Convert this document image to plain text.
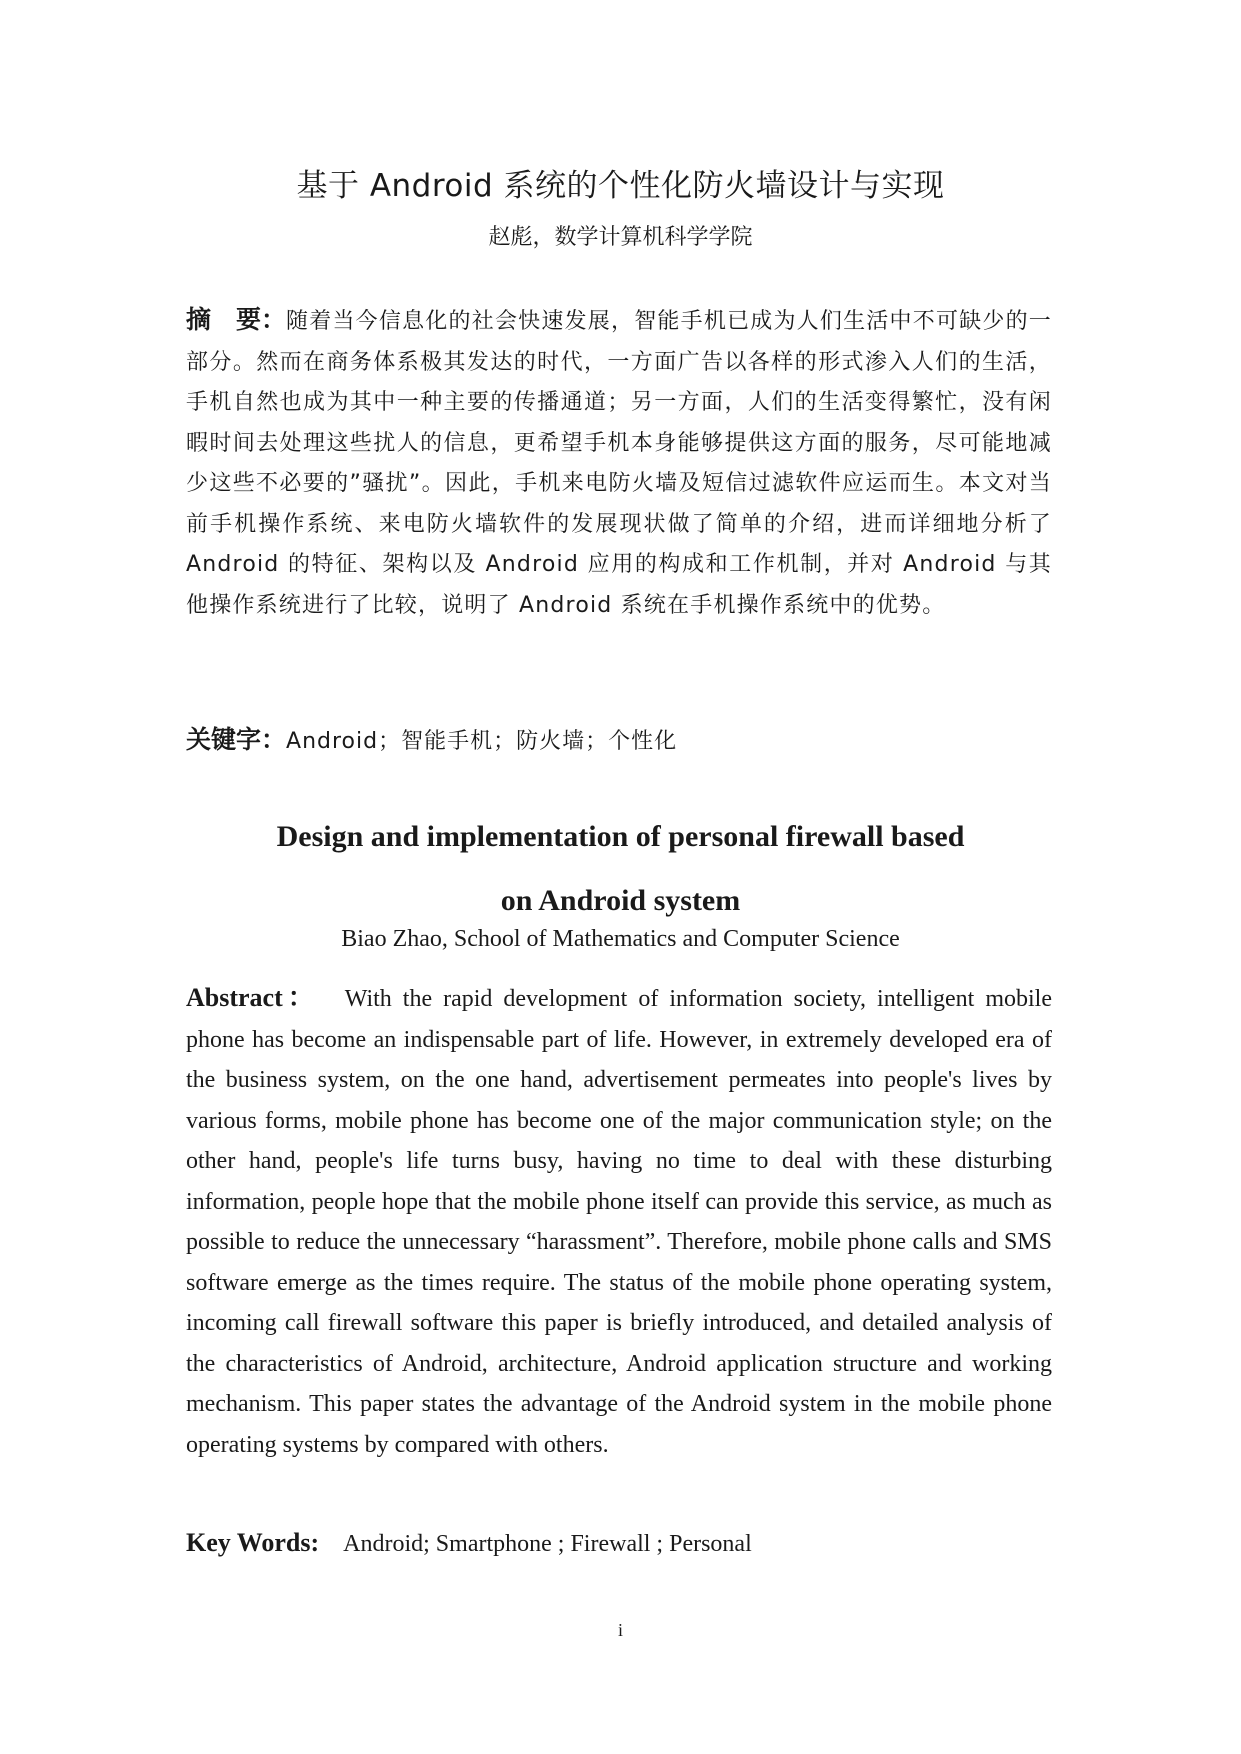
基于 Android 系统的个性化防火墙设计与实现
赵彪，数学计算机科学学院

摘　要：随着当今信息化的社会快速发展，智能手机已成为人们生活中不可缺少的一部分。然而在商务体系极其发达的时代，一方面广告以各样的形式渗入人们的生活，手机自然也成为其中一种主要的传播通道；另一方面，人们的生活变得繁忙，没有闲暇时间去处理这些扰人的信息，更希望手机本身能够提供这方面的服务，尽可能地减少这些不必要的”骚扰”。因此，手机来电防火墙及短信过滤软件应运而生。本文对当前手机操作系统、来电防火墙软件的发展现状做了简单的介绍，进而详细地分析了 Android 的特征、架构以及 Android 应用的构成和工作机制，并对 Android 与其他操作系统进行了比较，说明了 Android 系统在手机操作系统中的优势。

关键字：Android；智能手机；防火墙；个性化
Design and implementation of personal firewall based
on Android system
Biao Zhao, School of Mathematics and Computer Science

Abstract： With the rapid development of information society, intelligent mobile phone has become an indispensable part of life. However, in extremely developed era of the business system, on the one hand, advertisement permeates into people's lives by various forms, mobile phone has become one of the major communication style; on the other hand, people's life turns busy, having no time to deal with these disturbing information, people hope that the mobile phone itself can provide this service, as much as possible to reduce the unnecessary “harassment”. Therefore, mobile phone calls and SMS software emerge as the times require. The status of the mobile phone operating system, incoming call firewall software this paper is briefly introduced, and detailed analysis of the characteristics of Android, architecture, Android application structure and working mechanism. This paper states the advantage of the Android system in the mobile phone operating systems by compared with others.

Key Words: Android; Smartphone ; Firewall ; Personal
i
